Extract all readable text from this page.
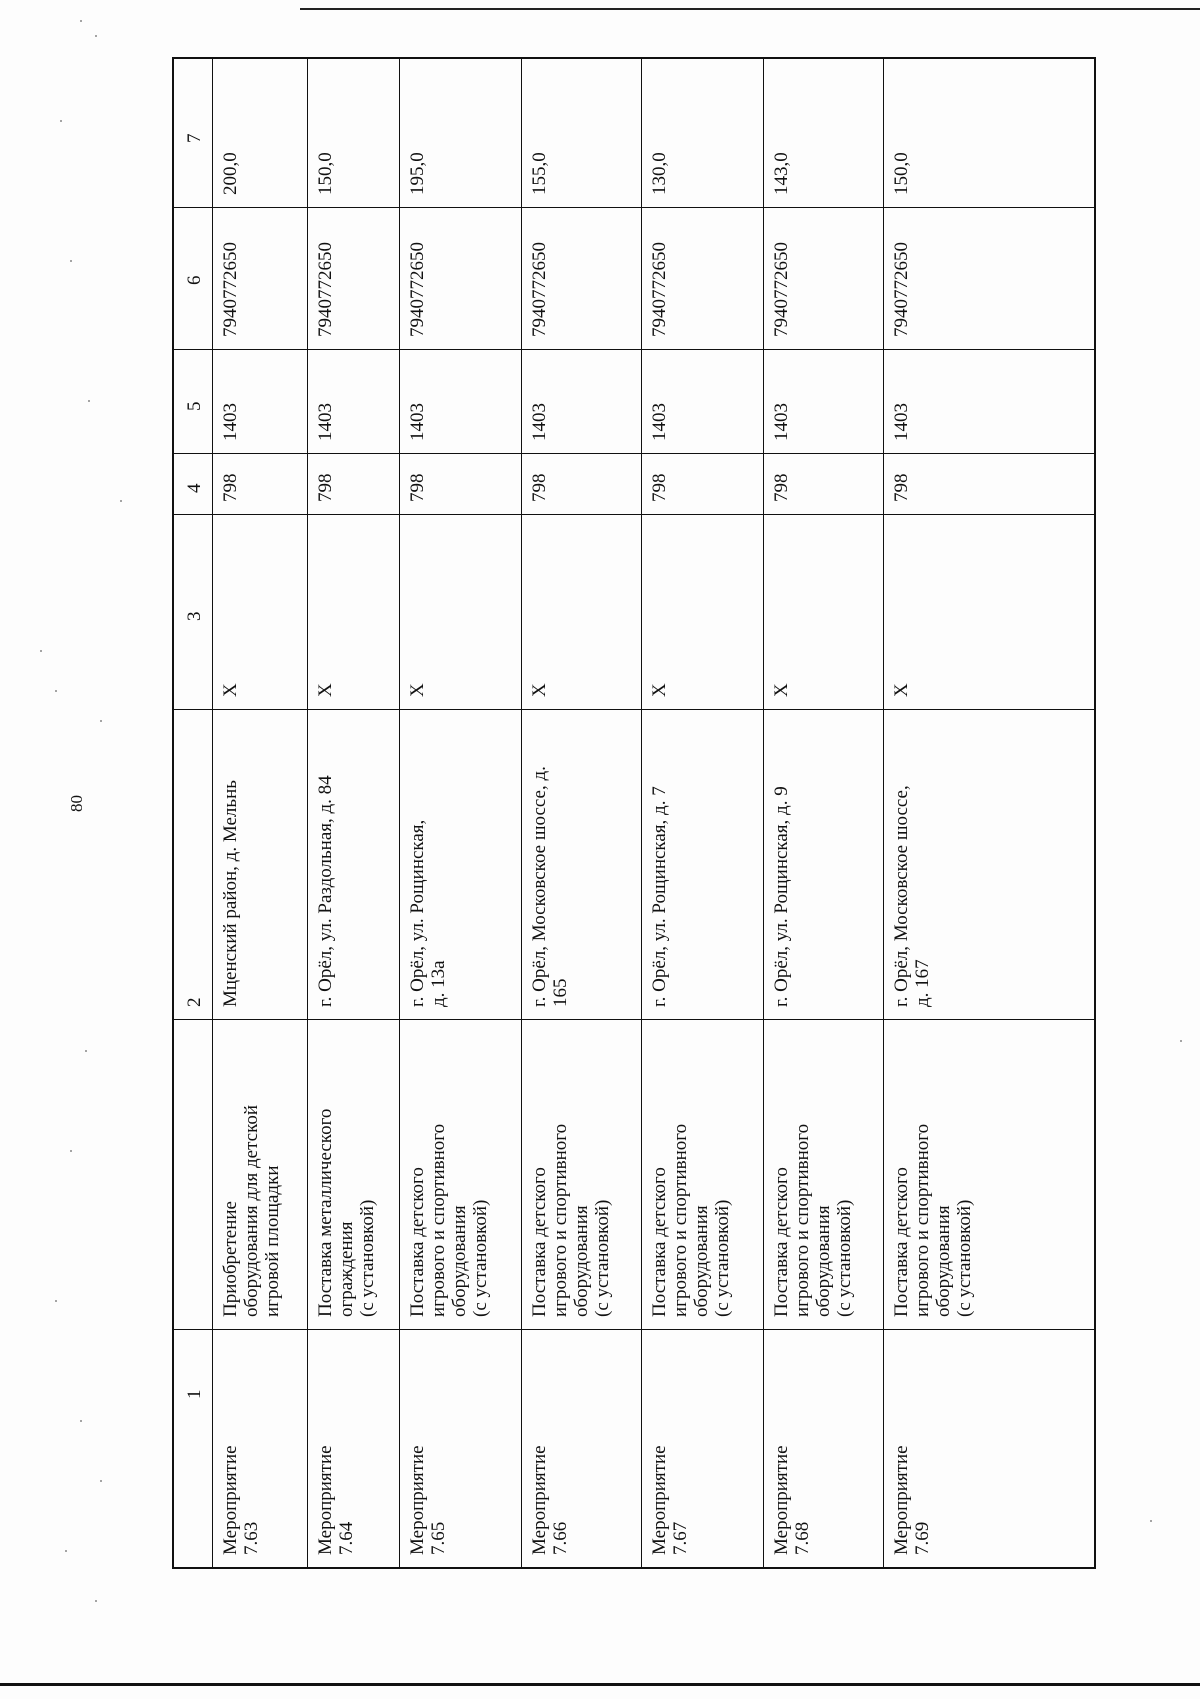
80
7
6
5
4
3
2
1
200,0
7940772650
1403
798
Х
Мценский район, д. Мельнь
Приобретение оборудования для детской игровой площадки
Мероприятие 7.63
150,0
7940772650
1403
798
Х
г. Орёл, ул. Раздольная, д. 84
Поставка металлического ограждения (с установкой)
Мероприятие 7.64
195,0
7940772650
1403
798
Х
г. Орёл, ул. Рощинская, д. 13а
Поставка детского игрового и спортивного оборудования (с установкой)
Мероприятие 7.65
155,0
7940772650
1403
798
Х
г. Орёл, Московское шоссе, д. 165
Поставка детского игрового и спортивного оборудования (с установкой)
Мероприятие 7.66
130,0
7940772650
1403
798
Х
г. Орёл, ул. Рощинская, д. 7
Поставка детского игрового и спортивного оборудования (с установкой)
Мероприятие 7.67
143,0
7940772650
1403
798
Х
г. Орёл, ул. Рощинская, д. 9
Поставка детского игрового и спортивного оборудования (с установкой)
Мероприятие 7.68
150,0
7940772650
1403
798
Х
г. Орёл, Московское шоссе, д. 167
Поставка детского игрового и спортивного оборудования (с установкой)
Мероприятие 7.69
